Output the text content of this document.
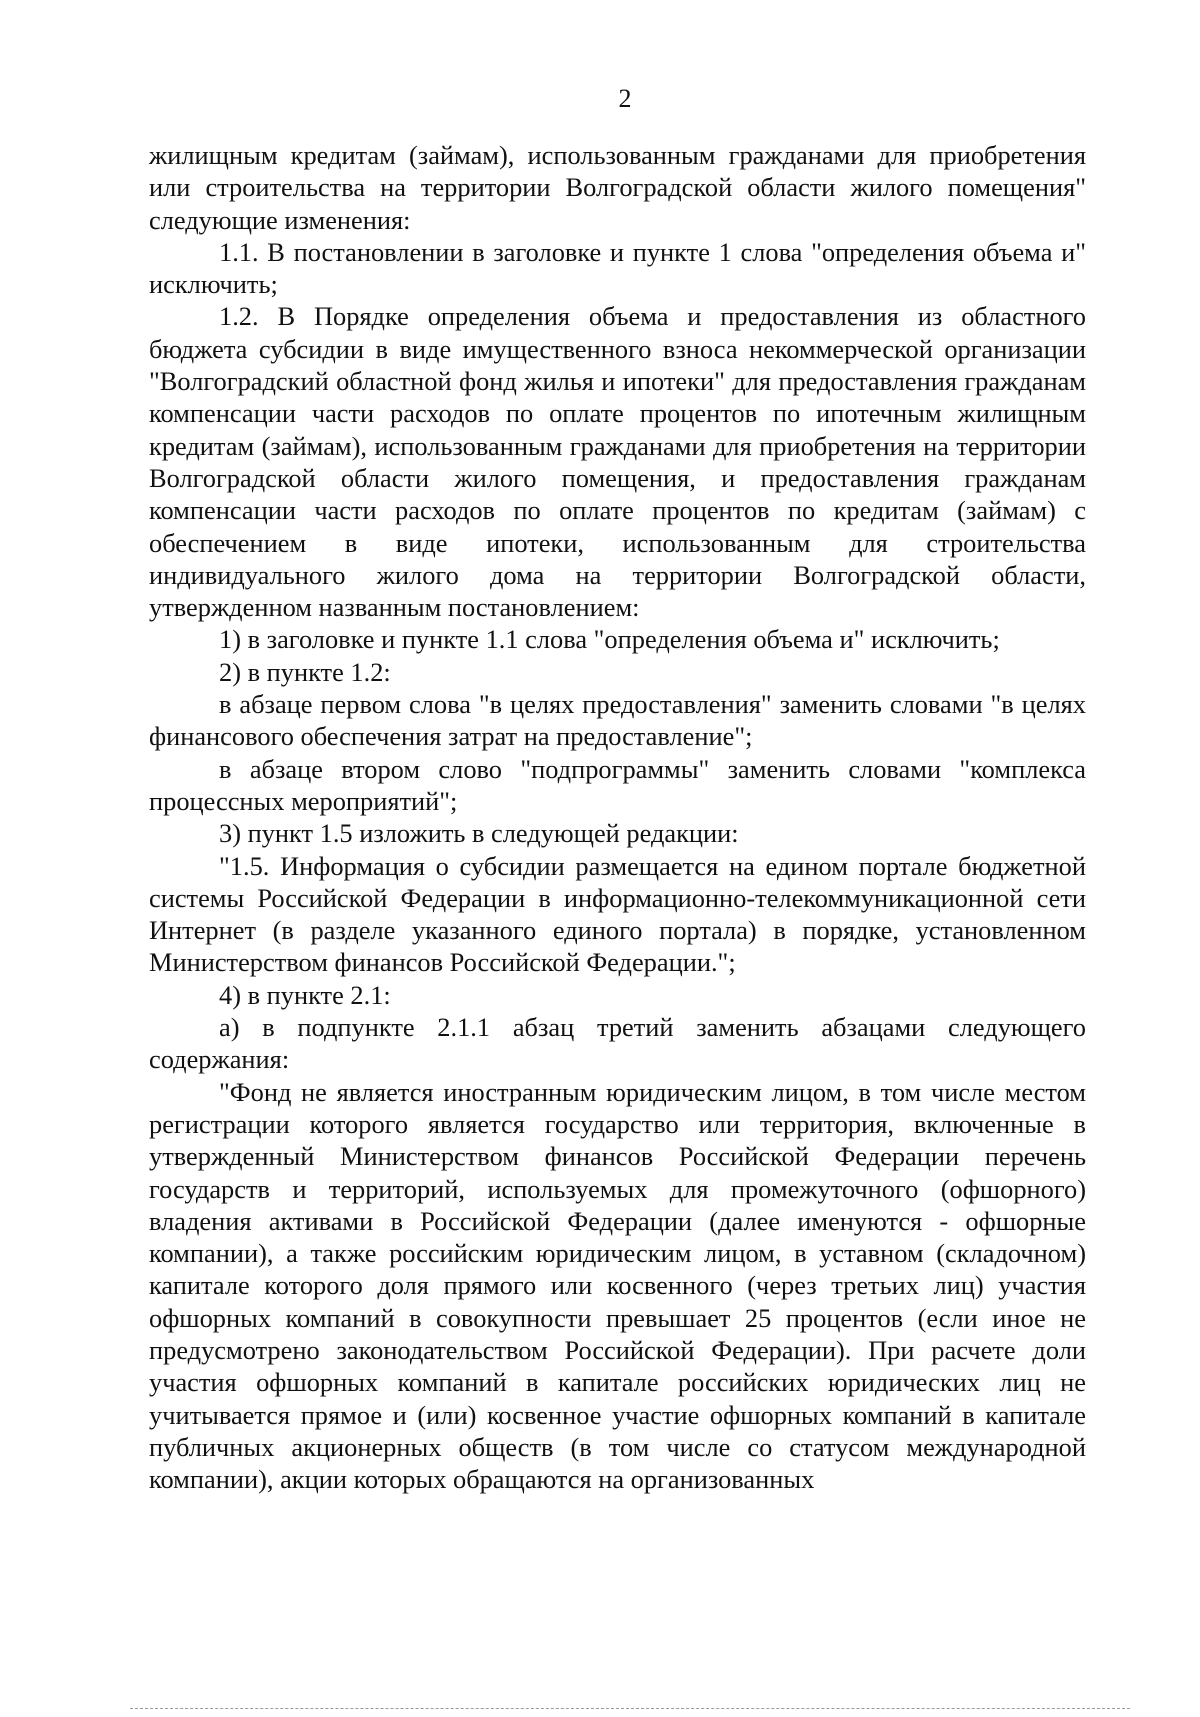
2

жилищным кредитам (займам), использованным гражданами для приобретения или строительства на территории Волгоградской области жилого помещения" следующие изменения:

1.1. В постановлении в заголовке и пункте 1 слова "определения объема и" исключить;

1.2. В Порядке определения объема и предоставления из областного бюджета субсидии в виде имущественного взноса некоммерческой организации "Волгоградский областной фонд жилья и ипотеки" для предоставления гражданам компенсации части расходов по оплате процентов по ипотечным жилищным кредитам (займам), использованным гражданами для приобретения на территории Волгоградской области жилого помещения, и предоставления гражданам компенсации части расходов по оплате процентов по кредитам (займам) с обеспечением в виде ипотеки, использованным для строительства индивидуального жилого дома на территории Волгоградской области, утвержденном названным постановлением:

1) в заголовке и пункте 1.1 слова "определения объема и" исключить;

2) в пункте 1.2:

в абзаце первом слова "в целях предоставления" заменить словами "в целях финансового обеспечения затрат на предоставление";

в абзаце втором слово "подпрограммы" заменить словами "комплекса процессных мероприятий";

3) пункт 1.5 изложить в следующей редакции:

"1.5. Информация о субсидии размещается на едином портале бюджетной системы Российской Федерации в информационно-телекоммуникационной сети Интернет (в разделе указанного единого портала) в порядке, установленном Министерством финансов Российской Федерации.";

4) в пункте 2.1:

а) в подпункте 2.1.1 абзац третий заменить абзацами следующего содержания:

"Фонд не является иностранным юридическим лицом, в том числе местом регистрации которого является государство или территория, включенные в утвержденный Министерством финансов Российской Федерации перечень государств и территорий, используемых для промежуточного (офшорного) владения активами в Российской Федерации (далее именуются - офшорные компании), а также российским юридическим лицом, в уставном (складочном) капитале которого доля прямого или косвенного (через третьих лиц) участия офшорных компаний в совокупности превышает 25 процентов (если иное не предусмотрено законодательством Российской Федерации). При расчете доли участия офшорных компаний в капитале российских юридических лиц не учитывается прямое и (или) косвенное участие офшорных компаний в капитале публичных акционерных обществ (в том числе со статусом международной компании), акции которых обращаются на организованных
